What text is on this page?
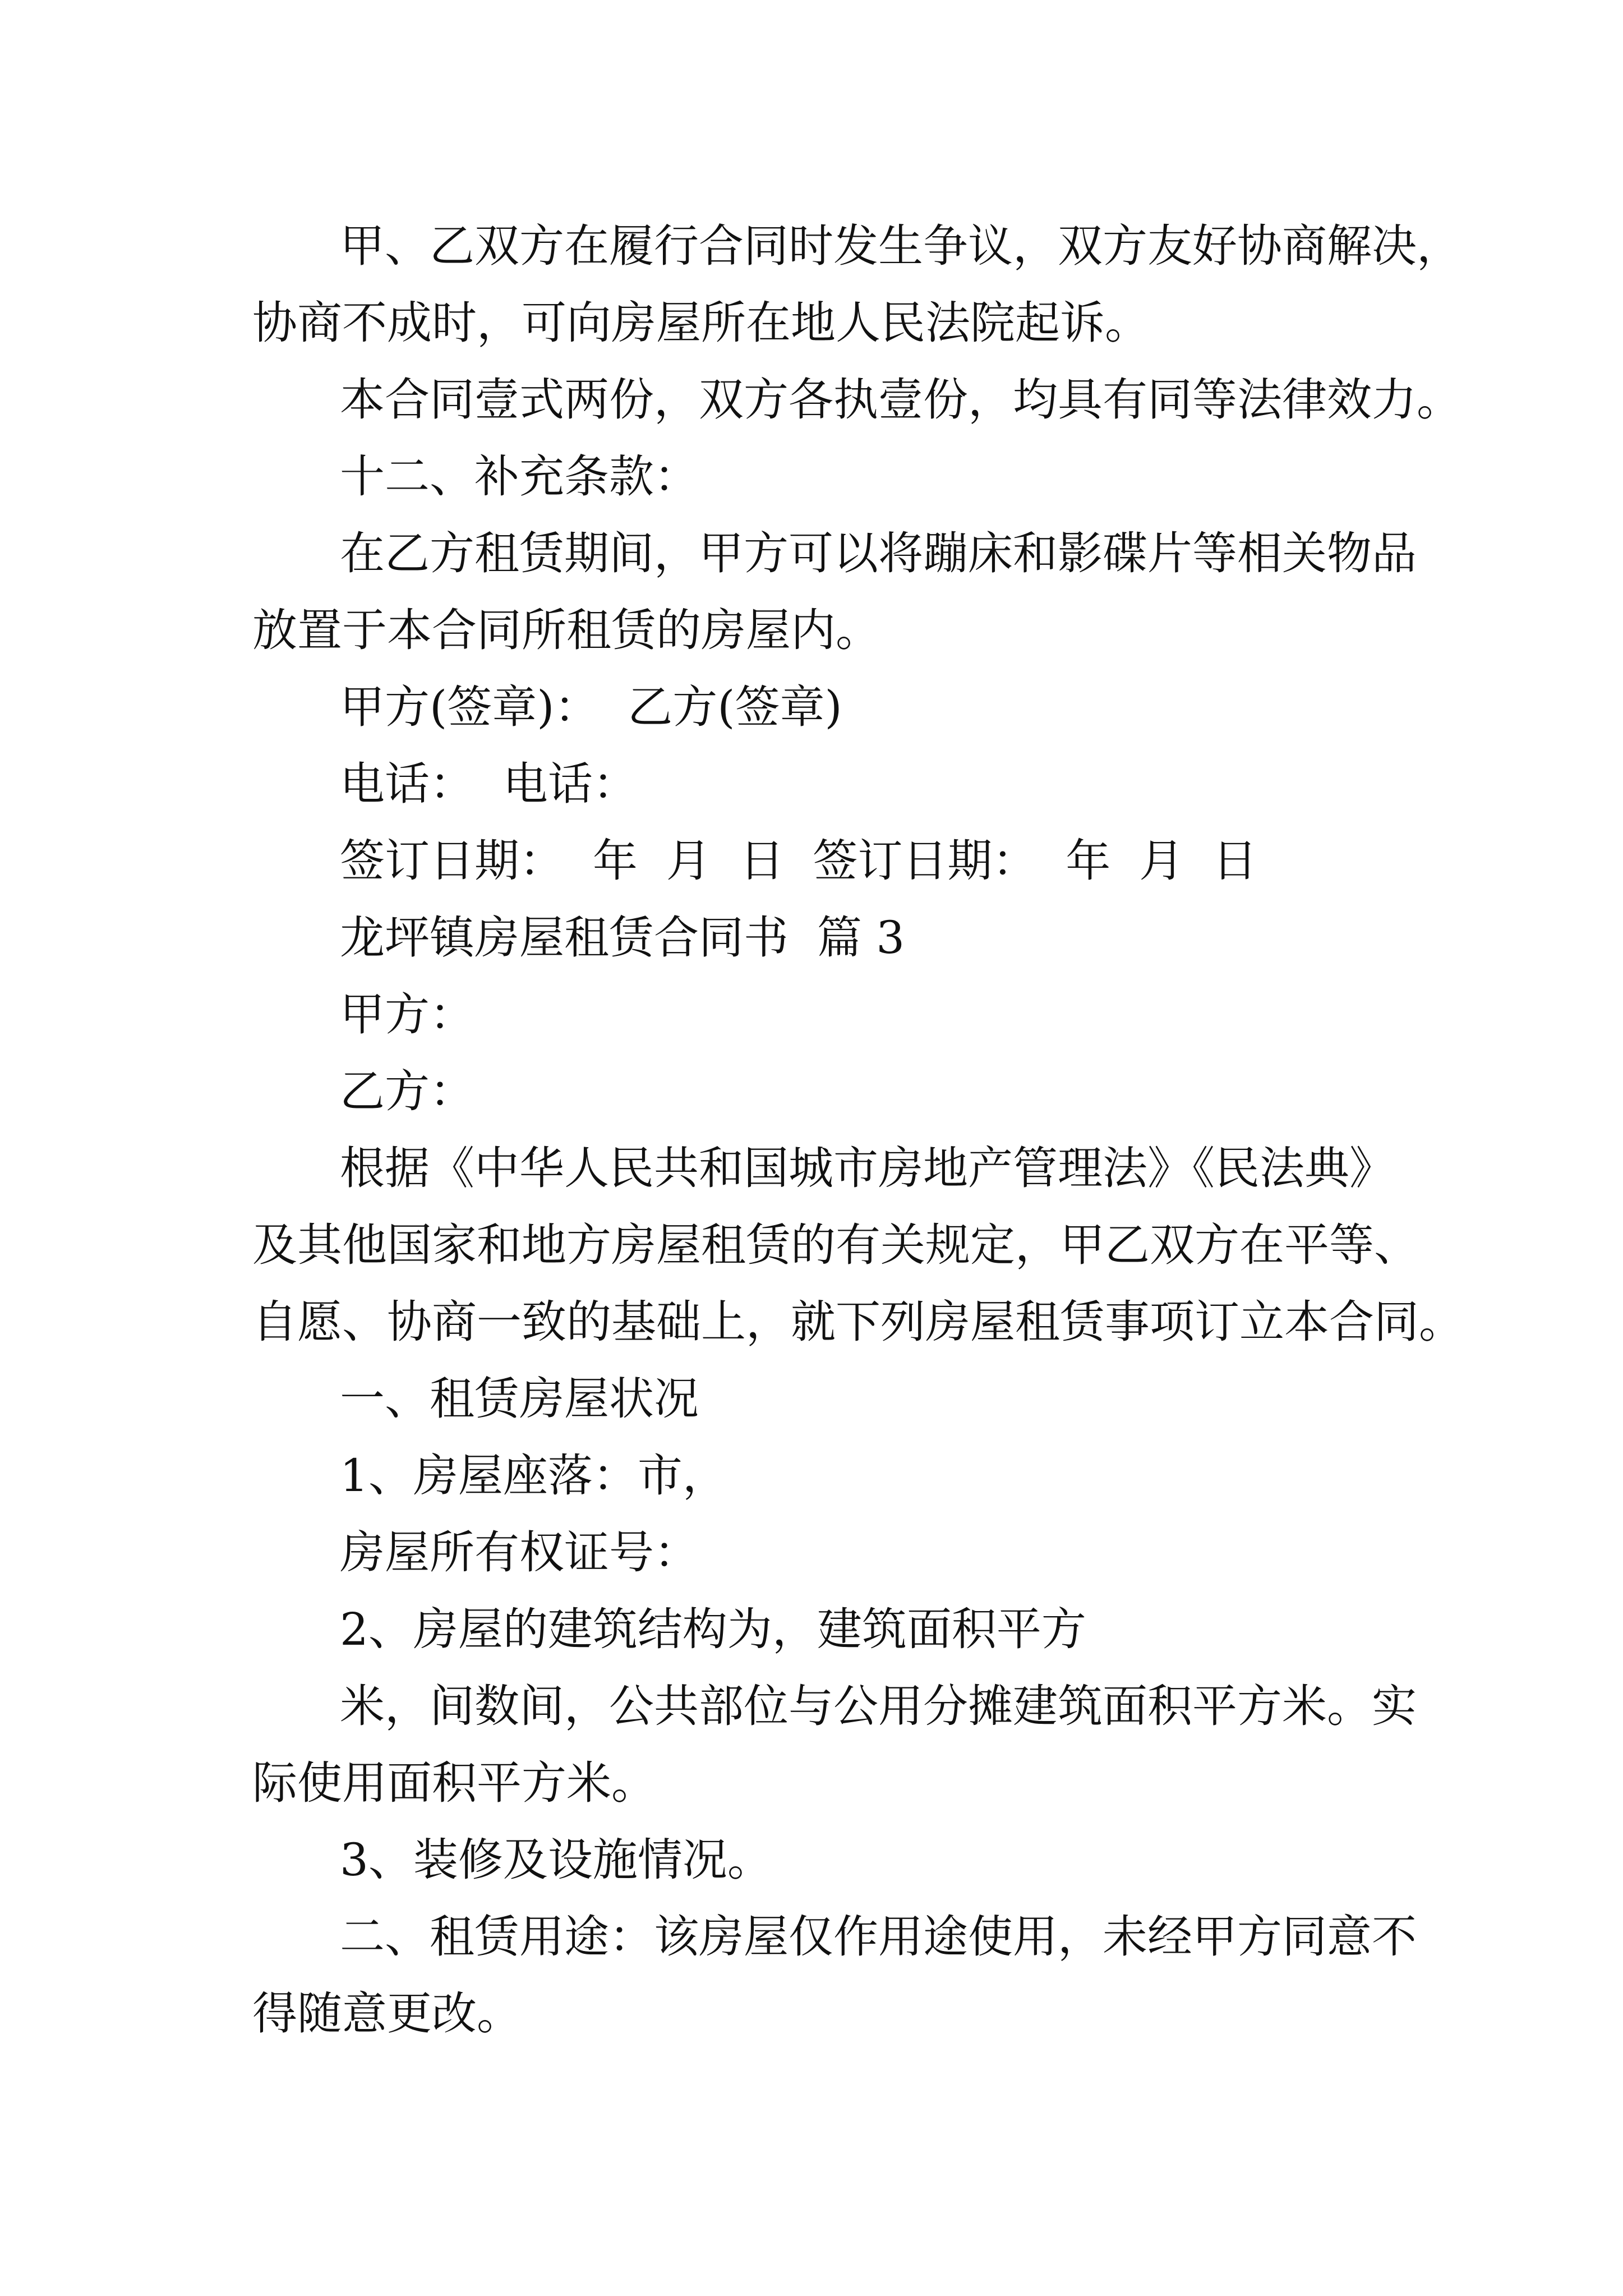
甲、乙双方在履行合同时发生争议，双方友好协商解决，

协商不成时，可向房屋所在地人民法院起诉。

本合同壹式两份，双方各执壹份，均具有同等法律效力。

十二、补充条款：

在乙方租赁期间，甲方可以将蹦床和影碟片等相关物品

放置于本合同所租赁的房屋内。

甲方(签章)：  乙方(签章)

电话：  电话：

签订日期：  年  月  日  签订日期：  年  月  日

龙坪镇房屋租赁合同书  篇 3

甲方：

乙方：

根据《中华人民共和国城市房地产管理法》《民法典》

及其他国家和地方房屋租赁的有关规定，甲乙双方在平等、

自愿、协商一致的基础上，就下列房屋租赁事项订立本合同。

一、租赁房屋状况

1、房屋座落：市，

房屋所有权证号：

2、房屋的建筑结构为，建筑面积平方

米，间数间，公共部位与公用分摊建筑面积平方米。实

际使用面积平方米。

3、装修及设施情况。

二、租赁用途：该房屋仅作用途使用，未经甲方同意不

得随意更改。
